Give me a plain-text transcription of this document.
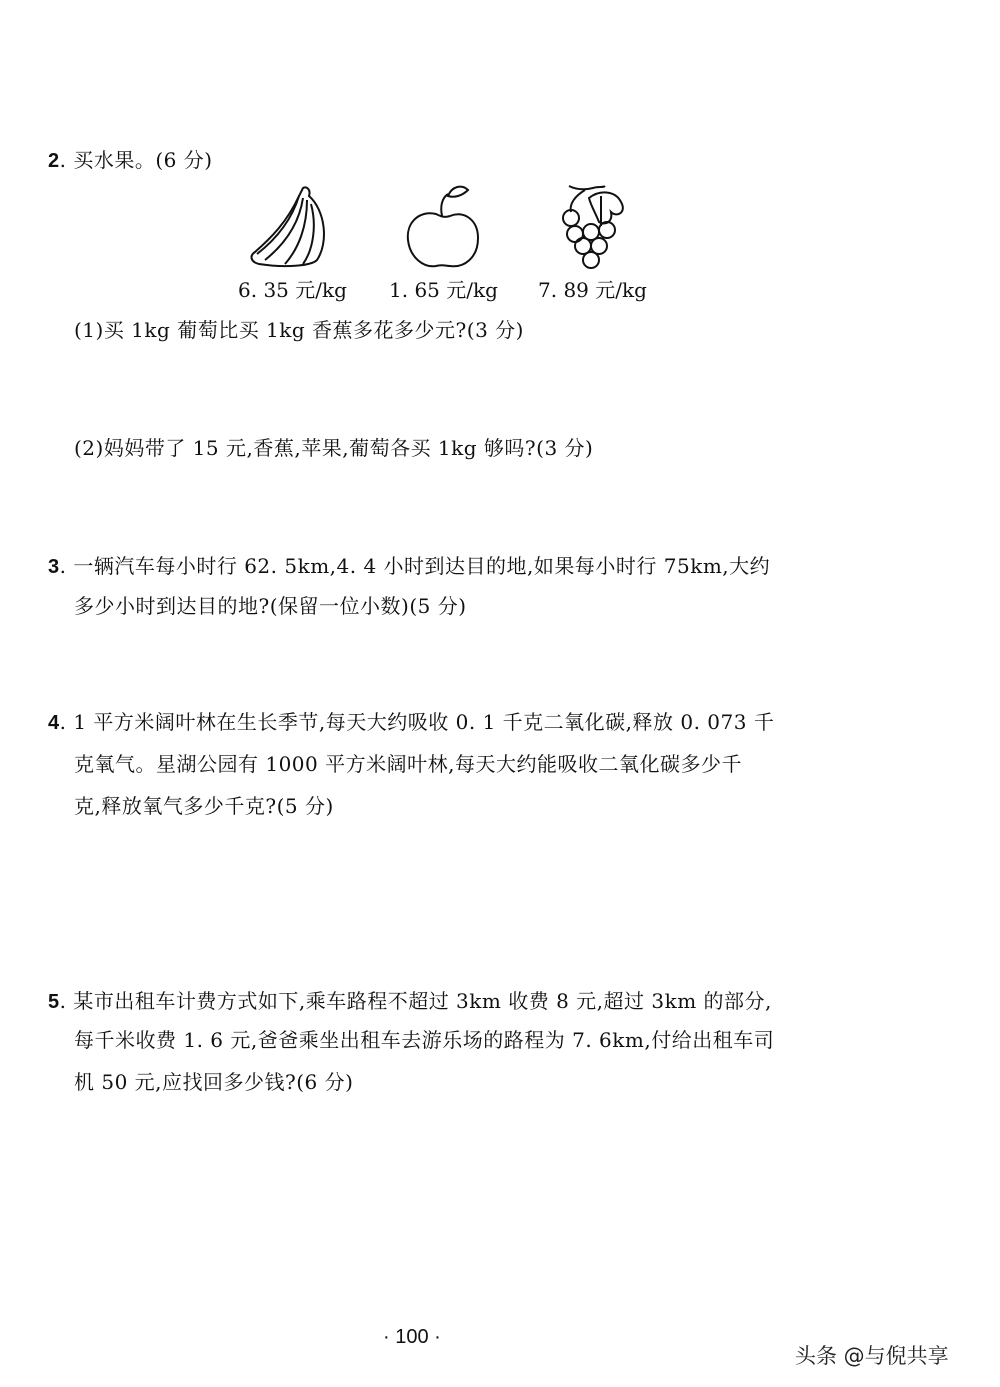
2. 买水果。(6 分)
6. 35 元/kg 1. 65 元/kg 7. 89 元/kg
(1)买 1kg 葡萄比买 1kg 香蕉多花多少元?(3 分)
(2)妈妈带了 15 元,香蕉,苹果,葡萄各买 1kg 够吗?(3 分)
3. 一辆汽车每小时行 62. 5km,4. 4 小时到达目的地,如果每小时行 75km,大约
多少小时到达目的地?(保留一位小数)(5 分)
4. 1 平方米阔叶林在生长季节,每天大约吸收 0. 1 千克二氧化碳,释放 0. 073 千
克氧气。星湖公园有 1000 平方米阔叶林,每天大约能吸收二氧化碳多少千
克,释放氧气多少千克?(5 分)
5. 某市出租车计费方式如下,乘车路程不超过 3km 收费 8 元,超过 3km 的部分,
每千米收费 1. 6 元,爸爸乘坐出租车去游乐场的路程为 7. 6km,付给出租车司
机 50 元,应找回多少钱?(6 分)
· 100 ·
头条 @与倪共享
